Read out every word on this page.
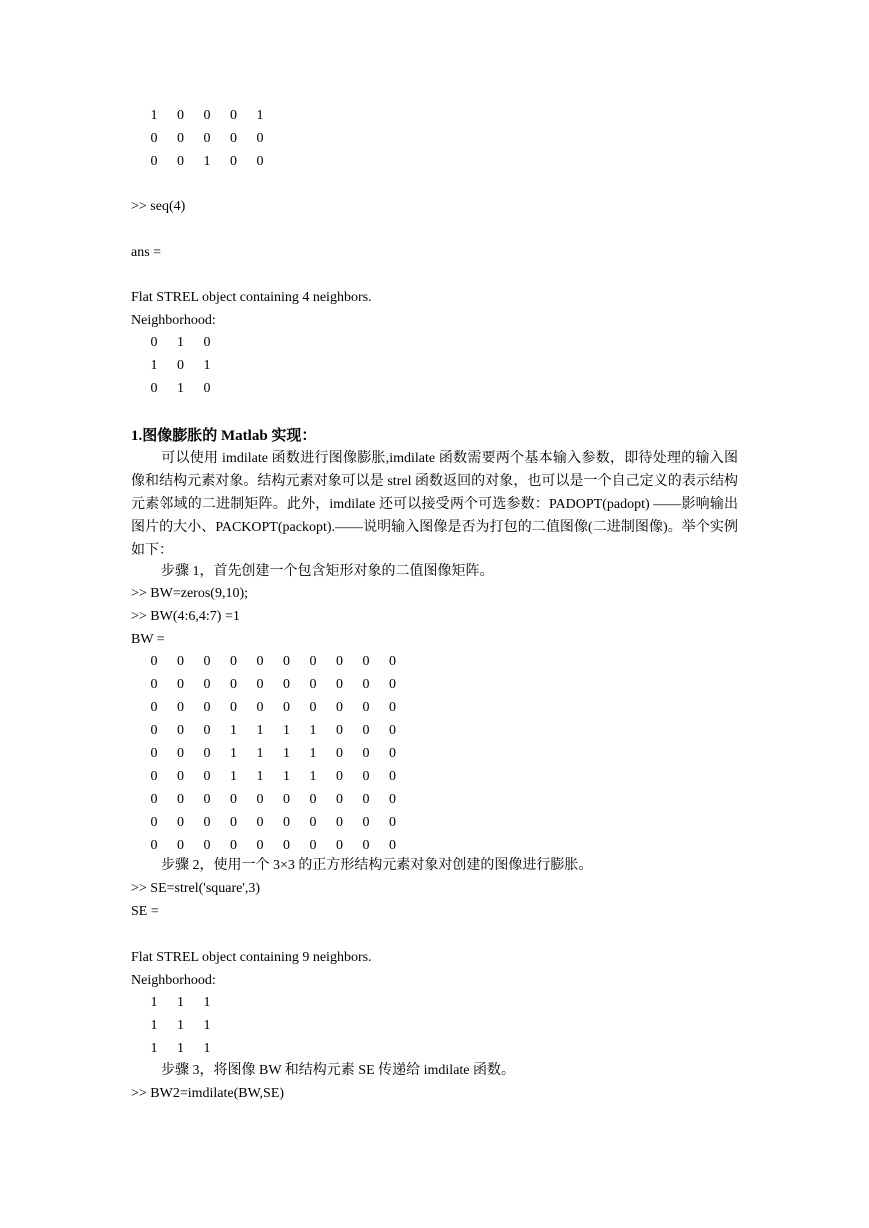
1	0	0	0	1
0	0	0	0	0
0	0	1	0	0
>> seq(4)
ans =
Flat STREL object containing 4 neighbors.
Neighborhood:
0	1	0
1	0	1
0	1	0
1.图像膨胀的 Matlab 实现：
可以使用 imdilate 函数进行图像膨胀,imdilate 函数需要两个基本输入参数，即待处理的输入图像和结构元素对象。结构元素对象可以是 strel 函数返回的对象，也可以是一个自己定义的表示结构元素邻域的二进制矩阵。此外，imdilate 还可以接受两个可选参数：PADOPT(padopt) ——影响输出图片的大小、PACKOPT(packopt).——说明输入图像是否为打包的二值图像(二进制图像)。举个实例如下：
步骤 1，首先创建一个包含矩形对象的二值图像矩阵。
>> BW=zeros(9,10);
>> BW(4:6,4:7) =1
BW =
0	0	0	0	0	0	0	0	0	0
0	0	0	0	0	0	0	0	0	0
0	0	0	0	0	0	0	0	0	0
0	0	0	1	1	1	1	0	0	0
0	0	0	1	1	1	1	0	0	0
0	0	0	1	1	1	1	0	0	0
0	0	0	0	0	0	0	0	0	0
0	0	0	0	0	0	0	0	0	0
0	0	0	0	0	0	0	0	0	0
步骤 2，使用一个 3×3 的正方形结构元素对象对创建的图像进行膨胀。
>> SE=strel('square',3)
SE =
Flat STREL object containing 9 neighbors.
Neighborhood:
1	1	1
1	1	1
1	1	1
步骤 3，将图像 BW 和结构元素 SE 传递给 imdilate 函数。
>> BW2=imdilate(BW,SE)
